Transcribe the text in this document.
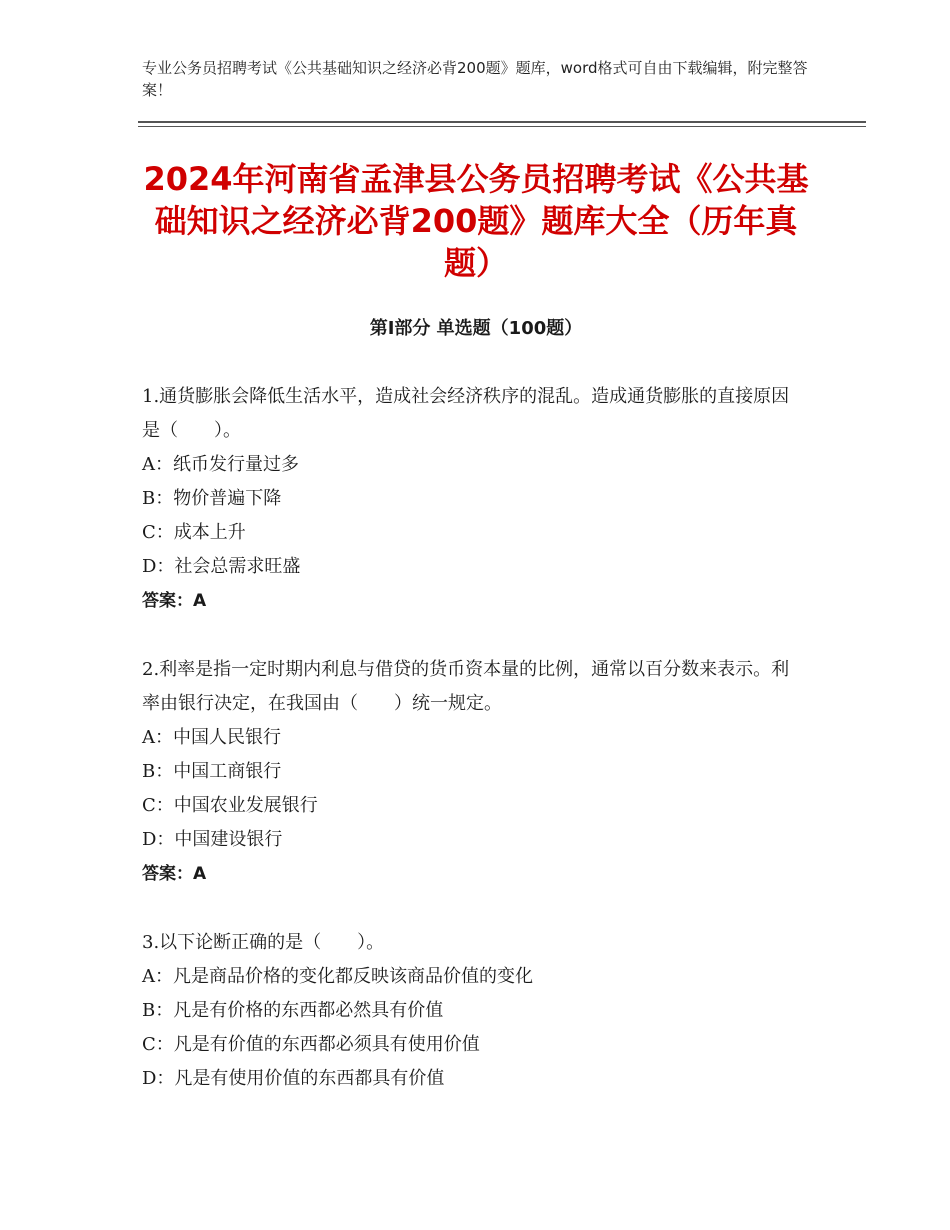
专业公务员招聘考试《公共基础知识之经济必背200题》题库，word格式可自由下载编辑，附完整答案！
2024年河南省孟津县公务员招聘考试《公共基础知识之经济必背200题》题库大全（历年真题）
第I部分 单选题（100题）

1.通货膨胀会降低生活水平，造成社会经济秩序的混乱。造成通货膨胀的直接原因是（　　）。

A：纸币发行量过多

B：物价普遍下降

C：成本上升

D：社会总需求旺盛

答案：A

2.利率是指一定时期内利息与借贷的货币资本量的比例，通常以百分数来表示。利率由银行决定，在我国由（　　）统一规定。

A：中国人民银行

B：中国工商银行

C：中国农业发展银行

D：中国建设银行

答案：A

3.以下论断正确的是（　　）。

A：凡是商品价格的变化都反映该商品价值的变化

B：凡是有价格的东西都必然具有价值

C：凡是有价值的东西都必须具有使用价值

D：凡是有使用价值的东西都具有价值
